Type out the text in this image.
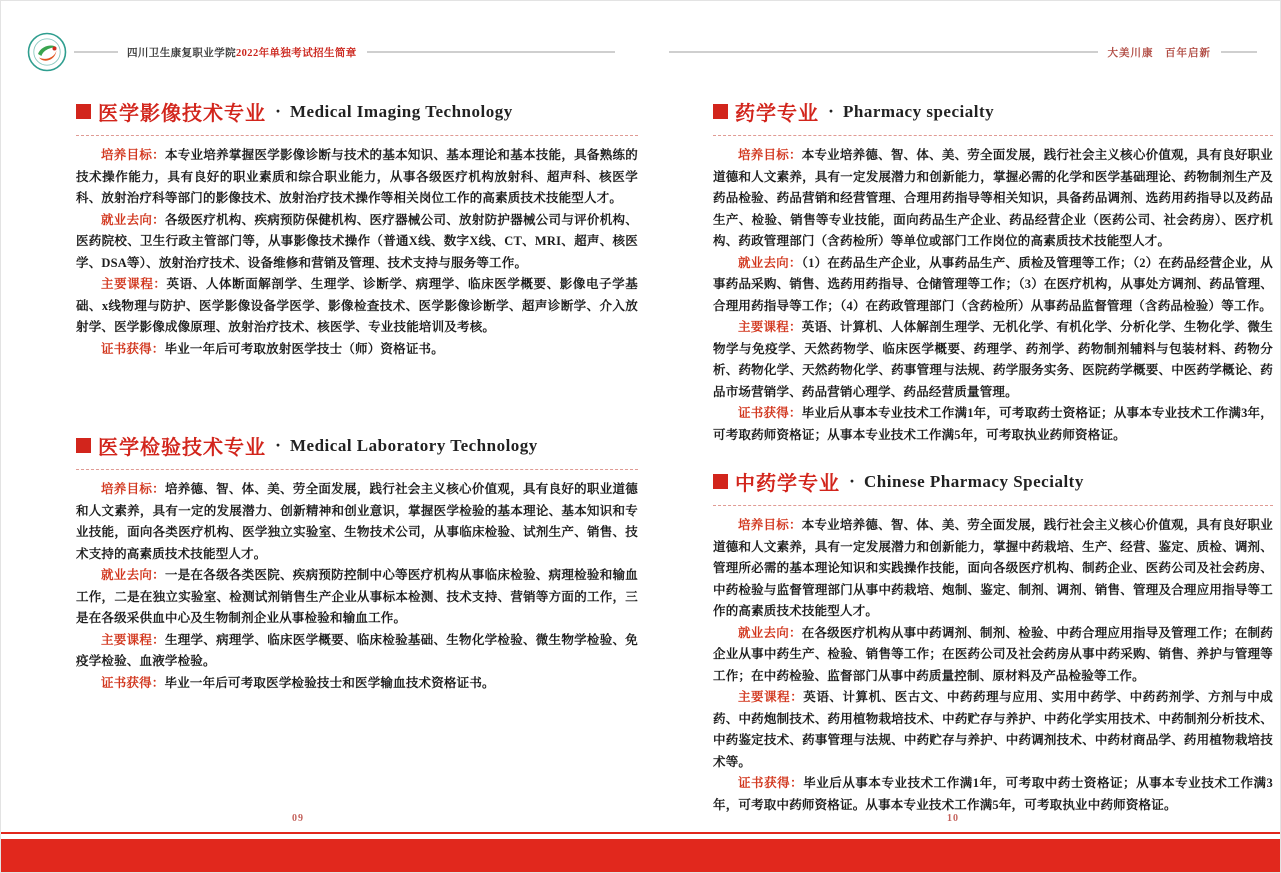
四川卫生康复职业学院2022年单独考试招生简章	大美川康　百年启新
医学影像技术专业 · Medical Imaging Technology

培养目标：本专业培养掌握医学影像诊断与技术的基本知识、基本理论和基本技能，具备熟练的技术操作能力，具有良好的职业素质和综合职业能力，从事各级医疗机构放射科、超声科、核医学科、放射治疗科等部门的影像技术、放射治疗技术操作等相关岗位工作的高素质技术技能型人才。

就业去向：各级医疗机构、疾病预防保健机构、医疗器械公司、放射防护器械公司与评价机构、医药院校、卫生行政主管部门等，从事影像技术操作（普通X线、数字X线、CT、MRI、超声、核医学、DSA等）、放射治疗技术、设备维修和营销及管理、技术支持与服务等工作。

主要课程：英语、人体断面解剖学、生理学、诊断学、病理学、临床医学概要、影像电子学基础、x线物理与防护、医学影像设备学医学、影像检查技术、医学影像诊断学、超声诊断学、介入放射学、医学影像成像原理、放射治疗技术、核医学、专业技能培训及考核。

证书获得：毕业一年后可考取放射医学技士（师）资格证书。

医学检验技术专业 · Medical Laboratory Technology

培养目标：培养德、智、体、美、劳全面发展，践行社会主义核心价值观，具有良好的职业道德和人文素养，具有一定的发展潜力、创新精神和创业意识，掌握医学检验的基本理论、基本知识和专业技能，面向各类医疗机构、医学独立实验室、生物技术公司，从事临床检验、试剂生产、销售、技术支持的高素质技术技能型人才。

就业去向：一是在各级各类医院、疾病预防控制中心等医疗机构从事临床检验、病理检验和输血工作，二是在独立实验室、检测试剂销售生产企业从事标本检测、技术支持、营销等方面的工作，三是在各级采供血中心及生物制剂企业从事检验和输血工作。

主要课程：生理学、病理学、临床医学概要、临床检验基础、生物化学检验、微生物学检验、免疫学检验、血液学检验。

证书获得：毕业一年后可考取医学检验技士和医学输血技术资格证书。

药学专业 · Pharmacy specialty

培养目标：本专业培养德、智、体、美、劳全面发展，践行社会主义核心价值观，具有良好职业道德和人文素养，具有一定发展潜力和创新能力，掌握必需的化学和医学基础理论、药物制剂生产及药品检验、药品营销和经营管理、合理用药指导等相关知识，具备药品调剂、选药用药指导以及药品生产、检验、销售等专业技能，面向药品生产企业、药品经营企业（医药公司、社会药房）、医疗机构、药政管理部门（含药检所）等单位或部门工作岗位的高素质技术技能型人才。

就业去向：（1）在药品生产企业，从事药品生产、质检及管理等工作；（2）在药品经营企业，从事药品采购、销售、选药用药指导、仓储管理等工作；（3）在医疗机构，从事处方调剂、药品管理、合理用药指导等工作；（4）在药政管理部门（含药检所）从事药品监督管理（含药品检验）等工作。

主要课程：英语、计算机、人体解剖生理学、无机化学、有机化学、分析化学、生物化学、微生物学与免疫学、天然药物学、临床医学概要、药理学、药剂学、药物制剂辅料与包装材料、药物分析、药物化学、天然药物化学、药事管理与法规、药学服务实务、医院药学概要、中医药学概论、药品市场营销学、药品营销心理学、药品经营质量管理。

证书获得：毕业后从事本专业技术工作满1年，可考取药士资格证；从事本专业技术工作满3年，可考取药师资格证；从事本专业技术工作满5年，可考取执业药师资格证。

中药学专业 · Chinese Pharmacy Specialty

培养目标：本专业培养德、智、体、美、劳全面发展，践行社会主义核心价值观，具有良好职业道德和人文素养，具有一定发展潜力和创新能力，掌握中药栽培、生产、经营、鉴定、质检、调剂、管理所必需的基本理论知识和实践操作技能，面向各级医疗机构、制药企业、医药公司及社会药房、中药检验与监督管理部门从事中药栽培、炮制、鉴定、制剂、调剂、销售、管理及合理应用指导等工作的高素质技术技能型人才。

就业去向：在各级医疗机构从事中药调剂、制剂、检验、中药合理应用指导及管理工作；在制药企业从事中药生产、检验、销售等工作；在医药公司及社会药房从事中药采购、销售、养护与管理等工作；在中药检验、监督部门从事中药质量控制、原材料及产品检验等工作。

主要课程：英语、计算机、医古文、中药药理与应用、实用中药学、中药药剂学、方剂与中成药、中药炮制技术、药用植物栽培技术、中药贮存与养护、中药化学实用技术、中药制剂分析技术、中药鉴定技术、药事管理与法规、中药贮存与养护、中药调剂技术、中药材商品学、药用植物栽培技术等。

证书获得：毕业后从事本专业技术工作满1年，可考取中药士资格证；从事本专业技术工作满3年，可考取中药师资格证。从事本专业技术工作满5年，可考取执业中药师资格证。

09	10
